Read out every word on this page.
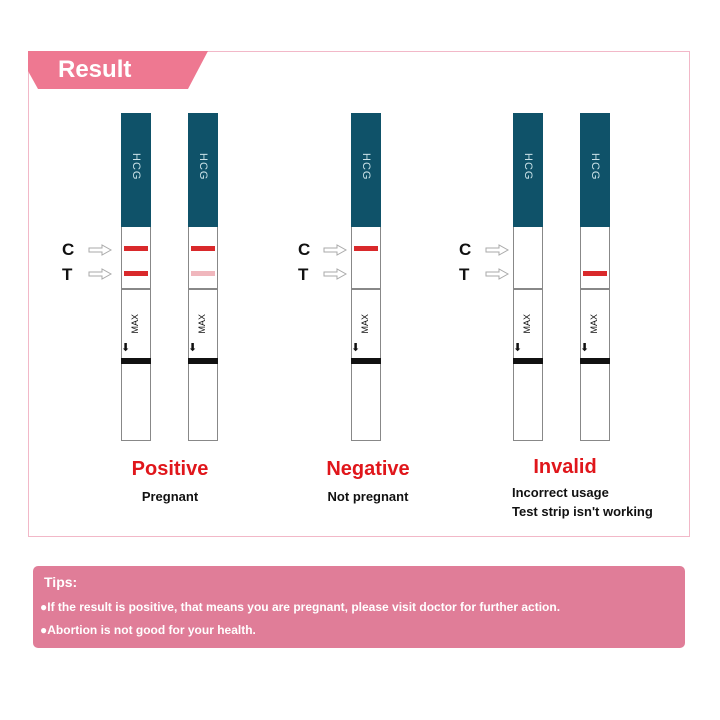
Result
C
T
C
T
C
T
HCG
⬇
MAX
HCG
⬇
MAX
HCG
⬇
MAX
HCG
⬇
MAX
HCG
⬇
MAX
Positive
Pregnant
Negative
Not pregnant
Invalid
Incorrect usage
Test strip isn't working
Tips:
●If the result is positive, that means you are pregnant, please visit doctor for further action.
●Abortion is not good for your health.
